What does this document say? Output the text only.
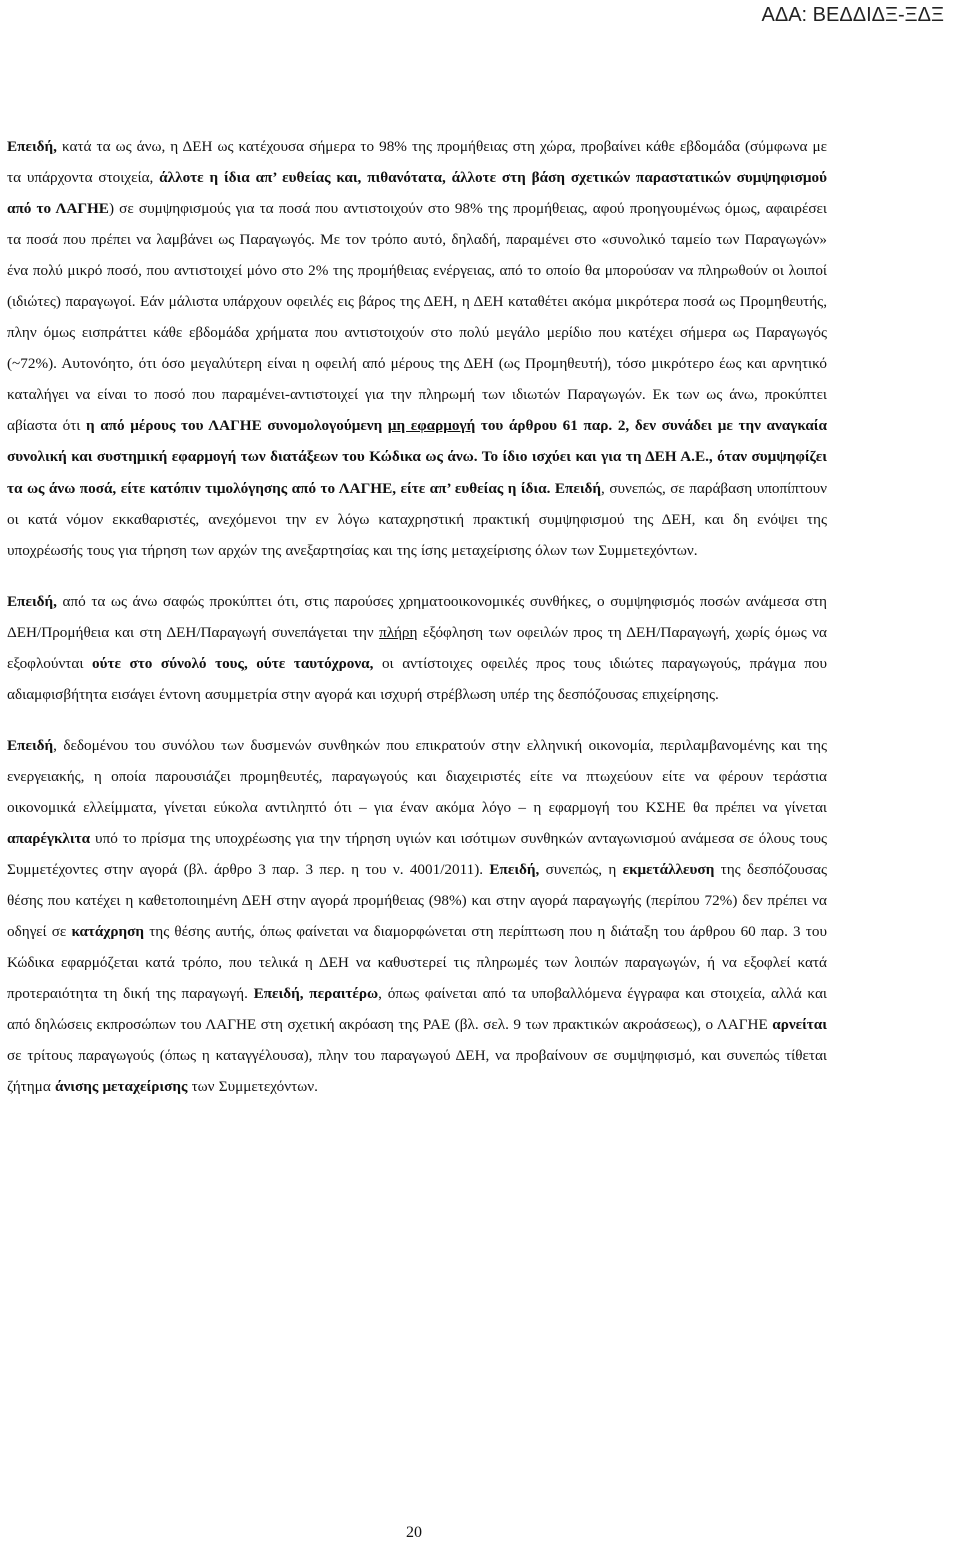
ΑΔΑ: ΒΕΔΔΙΔΞ-ΞΔΞ

Επειδή, κατά τα ως άνω, η ΔΕΗ ως κατέχουσα σήμερα το 98% της προμήθειας στη χώρα, προβαίνει κάθε εβδομάδα (σύμφωνα με τα υπάρχοντα στοιχεία, άλλοτε η ίδια απ’ ευθείας και, πιθανότατα, άλλοτε στη βάση σχετικών παραστατικών συμψηφισμού από το ΛΑΓΗΕ) σε συμψηφισμούς για τα ποσά που αντιστοιχούν στο 98% της προμήθειας, αφού προηγουμένως όμως, αφαιρέσει τα ποσά που πρέπει να λαμβάνει ως Παραγωγός. Με τον τρόπο αυτό, δηλαδή, παραμένει στο «συνολικό ταμείο των Παραγωγών» ένα πολύ μικρό ποσό, που αντιστοιχεί μόνο στο 2% της προμήθειας ενέργειας, από το οποίο θα μπορούσαν να πληρωθούν οι λοιποί (ιδιώτες) παραγωγοί. Εάν μάλιστα υπάρχουν οφειλές εις βάρος της ΔΕΗ, η ΔΕΗ καταθέτει ακόμα μικρότερα ποσά ως Προμηθευτής, πλην όμως εισπράττει κάθε εβδομάδα χρήματα που αντιστοιχούν στο πολύ μεγάλο μερίδιο που κατέχει σήμερα ως Παραγωγός (~72%). Αυτονόητο, ότι όσο μεγαλύτερη είναι η οφειλή από μέρους της ΔΕΗ (ως Προμηθευτή), τόσο μικρότερο έως και αρνητικό καταλήγει να είναι το ποσό που παραμένει-αντιστοιχεί για την πληρωμή των ιδιωτών Παραγωγών. Εκ των ως άνω, προκύπτει αβίαστα ότι η από μέρους του ΛΑΓΗΕ συνομολογούμενη μη εφαρμογή του άρθρου 61 παρ. 2, δεν συνάδει με την αναγκαία συνολική και συστημική εφαρμογή των διατάξεων του Κώδικα ως άνω. Το ίδιο ισχύει και για τη ΔΕΗ Α.Ε., όταν συμψηφίζει τα ως άνω ποσά, είτε κατόπιν τιμολόγησης από το ΛΑΓΗΕ, είτε απ’ ευθείας η ίδια. Επειδή, συνεπώς, σε παράβαση υποπίπτουν οι κατά νόμον εκκαθαριστές, ανεχόμενοι την εν λόγω καταχρηστική πρακτική συμψηφισμού της ΔΕΗ, και δη ενόψει της υποχρέωσής τους για τήρηση των αρχών της ανεξαρτησίας και της ίσης μεταχείρισης όλων των Συμμετεχόντων.

Επειδή, από τα ως άνω σαφώς προκύπτει ότι, στις παρούσες χρηματοοικονομικές συνθήκες, ο συμψηφισμός ποσών ανάμεσα στη ΔΕΗ/Προμήθεια και στη ΔΕΗ/Παραγωγή συνεπάγεται την πλήρη εξόφληση των οφειλών προς τη ΔΕΗ/Παραγωγή, χωρίς όμως να εξοφλούνται ούτε στο σύνολό τους, ούτε ταυτόχρονα, οι αντίστοιχες οφειλές προς τους ιδιώτες παραγωγούς, πράγμα που αδιαμφισβήτητα εισάγει έντονη ασυμμετρία στην αγορά και ισχυρή στρέβλωση υπέρ της δεσπόζουσας επιχείρησης.

Επειδή, δεδομένου του συνόλου των δυσμενών συνθηκών που επικρατούν στην ελληνική οικονομία, περιλαμβανομένης και της ενεργειακής, η οποία παρουσιάζει προμηθευτές, παραγωγούς και διαχειριστές είτε να πτωχεύουν είτε να φέρουν τεράστια οικονομικά ελλείμματα, γίνεται εύκολα αντιληπτό ότι – για έναν ακόμα λόγο – η εφαρμογή του ΚΣΗΕ θα πρέπει να γίνεται απαρέγκλιτα υπό το πρίσμα της υποχρέωσης για την τήρηση υγιών και ισότιμων συνθηκών ανταγωνισμού ανάμεσα σε όλους τους Συμμετέχοντες στην αγορά (βλ. άρθρο 3 παρ. 3 περ. η του ν. 4001/2011). Επειδή, συνεπώς, η εκμετάλλευση της δεσπόζουσας θέσης που κατέχει η καθετοποιημένη ΔΕΗ στην αγορά προμήθειας (98%) και στην αγορά παραγωγής (περίπου 72%) δεν πρέπει να οδηγεί σε κατάχρηση της θέσης αυτής, όπως φαίνεται να διαμορφώνεται στη περίπτωση που η διάταξη του άρθρου 60 παρ. 3 του Κώδικα εφαρμόζεται κατά τρόπο, που τελικά η ΔΕΗ να καθυστερεί τις πληρωμές των λοιπών παραγωγών, ή να εξοφλεί κατά προτεραιότητα τη δική της παραγωγή. Επειδή, περαιτέρω, όπως φαίνεται από τα υποβαλλόμενα έγγραφα και στοιχεία, αλλά και από δηλώσεις εκπροσώπων του ΛΑΓΗΕ στη σχετική ακρόαση της ΡΑΕ (βλ. σελ. 9 των πρακτικών ακροάσεως), ο ΛΑΓΗΕ αρνείται σε τρίτους παραγωγούς (όπως η καταγγέλουσα), πλην του παραγωγού ΔΕΗ, να προβαίνουν σε συμψηφισμό, και συνεπώς τίθεται ζήτημα άνισης μεταχείρισης των Συμμετεχόντων.

20
